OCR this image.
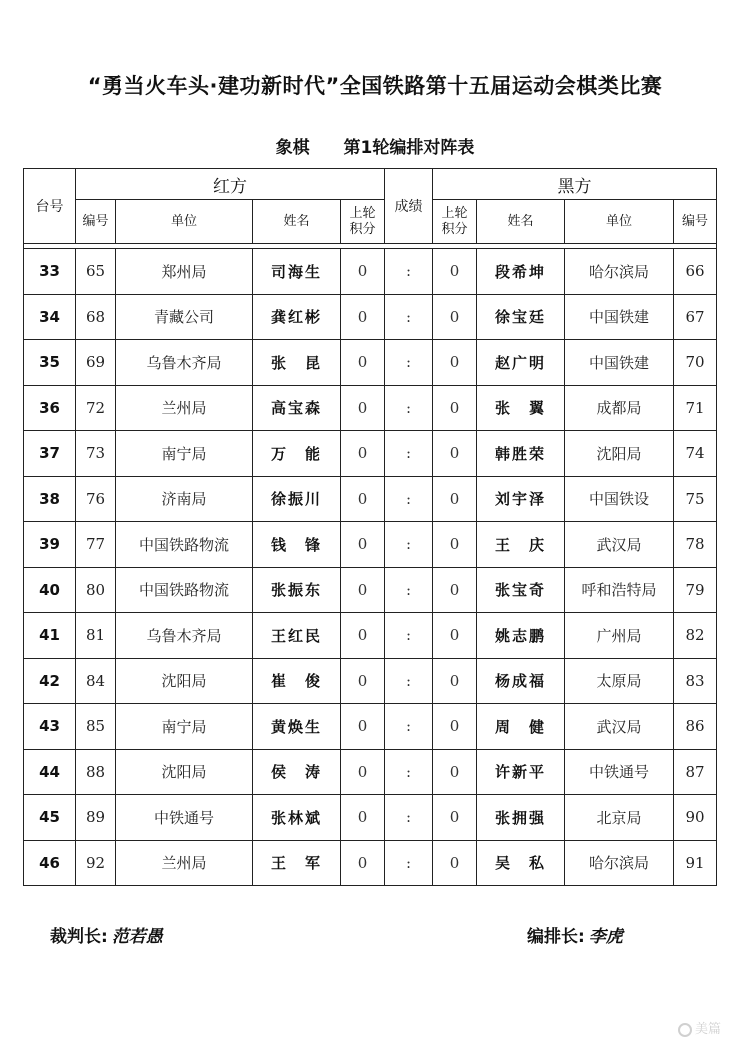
“勇当火车头·建功新时代”全国铁路第十五届运动会棋类比赛
象棋 第1轮编排对阵表
台号	红方				成绩	黑方			
	编号	单位	姓名	上轮积分		上轮积分	姓名	单位	编号

33	65	郑州局	司海生	0	:	0	段希坤	哈尔滨局	66
34	68	青藏公司	龚红彬	0	:	0	徐宝廷	中国铁建	67
35	69	乌鲁木齐局	张　昆	0	:	0	赵广明	中国铁建	70
36	72	兰州局	高宝森	0	:	0	张　翼	成都局	71
37	73	南宁局	万　能	0	:	0	韩胜荣	沈阳局	74
38	76	济南局	徐振川	0	:	0	刘宇泽	中国铁设	75
39	77	中国铁路物流	钱　锋	0	:	0	王　庆	武汉局	78
40	80	中国铁路物流	张振东	0	:	0	张宝奇	呼和浩特局	79
41	81	乌鲁木齐局	王红民	0	:	0	姚志鹏	广州局	82
42	84	沈阳局	崔　俊	0	:	0	杨成福	太原局	83
43	85	南宁局	黄焕生	0	:	0	周　健	武汉局	86
44	88	沈阳局	侯　涛	0	:	0	许新平	中铁通号	87
45	89	中铁通号	张林斌	0	:	0	张拥强	北京局	90
46	92	兰州局	王　军	0	:	0	吴　私	哈尔滨局	91
裁判长: 范若愚	编排长: 李虎
美篇
